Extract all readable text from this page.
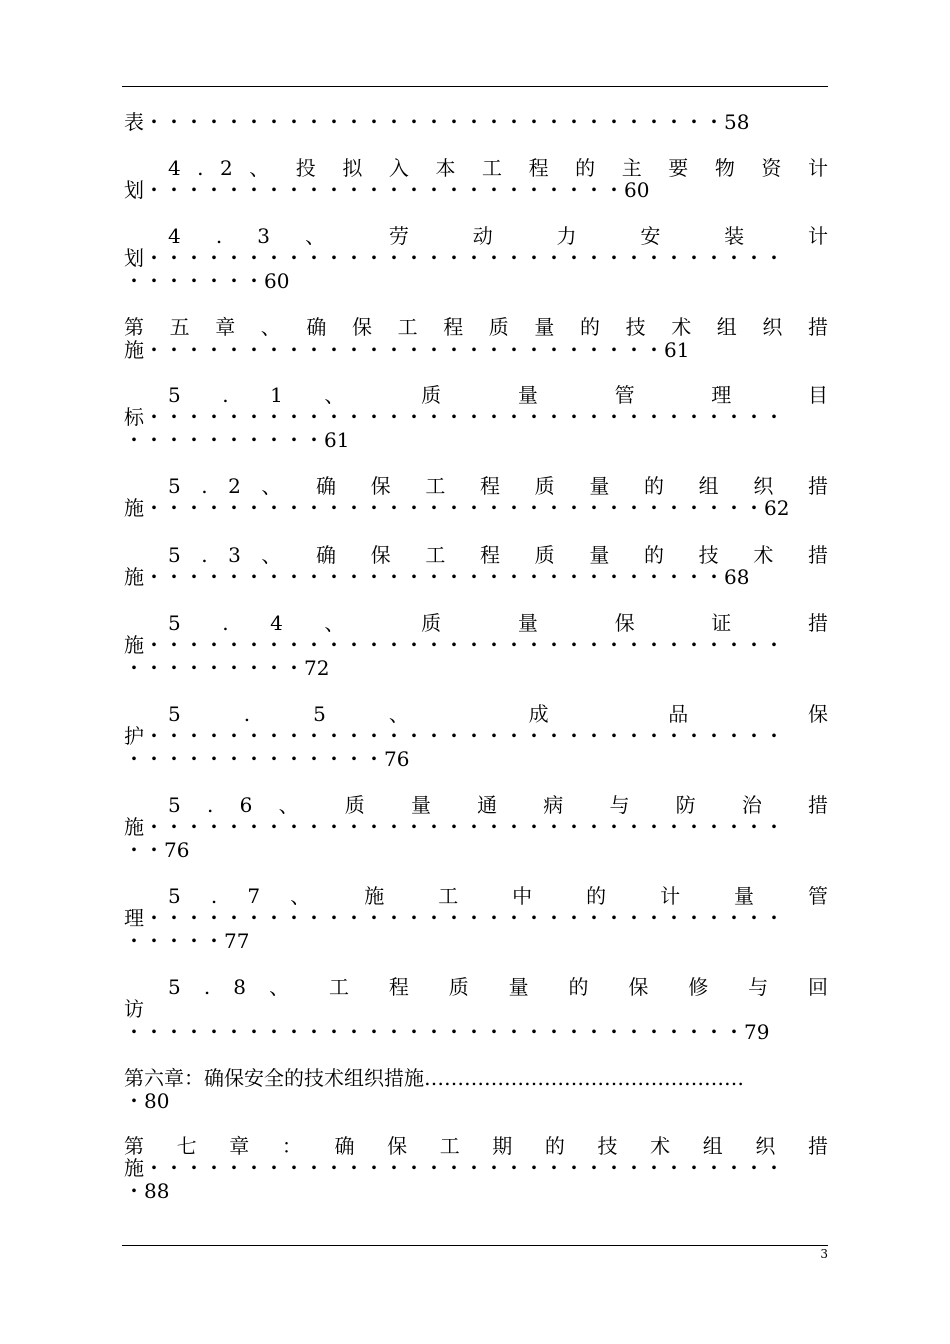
表・・・・・・・・・・・・・・・・・・・・・・・・・・・・・58
4 . 2 、 投 拟 入 本 工 程 的 主 要 物 资 计
划・・・・・・・・・・・・・・・・・・・・・・・・60
4 . 3 、 劳 动 力 安 装 计
划・・・・・・・・・・・・・・・・・・・・・・・・・・・・・・・・
・・・・・・・60
第 五 章 、 确 保 工 程 质 量 的 技 术 组 织 措
施・・・・・・・・・・・・・・・・・・・・・・・・・・61
5 . 1 、 质 量 管 理 目
标・・・・・・・・・・・・・・・・・・・・・・・・・・・・・・・・
・・・・・・・・・・61
5 . 2 、 确 保 工 程 质 量 的 组 织 措
施・・・・・・・・・・・・・・・・・・・・・・・・・・・・・・・62
5 . 3 、 确 保 工 程 质 量 的 技 术 措
施・・・・・・・・・・・・・・・・・・・・・・・・・・・・・68
5 . 4 、 质 量 保 证 措
施・・・・・・・・・・・・・・・・・・・・・・・・・・・・・・・・
・・・・・・・・・72
5 . 5 、 成 品 保
护・・・・・・・・・・・・・・・・・・・・・・・・・・・・・・・・
・・・・・・・・・・・・・76
5 . 6 、 质 量 通 病 与 防 治 措
施・・・・・・・・・・・・・・・・・・・・・・・・・・・・・・・・
・・76
5 . 7 、 施 工 中 的 计 量 管
理・・・・・・・・・・・・・・・・・・・・・・・・・・・・・・・・
・・・・・77
5 . 8 、 工 程 质 量 的 保 修 与 回
访
・・・・・・・・・・・・・・・・・・・・・・・・・・・・・・・79
第六章：确保安全的技术组织措施…………………………………………
・80
第 七 章 ： 确 保 工 期 的 技 术 组 织 措
施・・・・・・・・・・・・・・・・・・・・・・・・・・・・・・・・
・88
3
